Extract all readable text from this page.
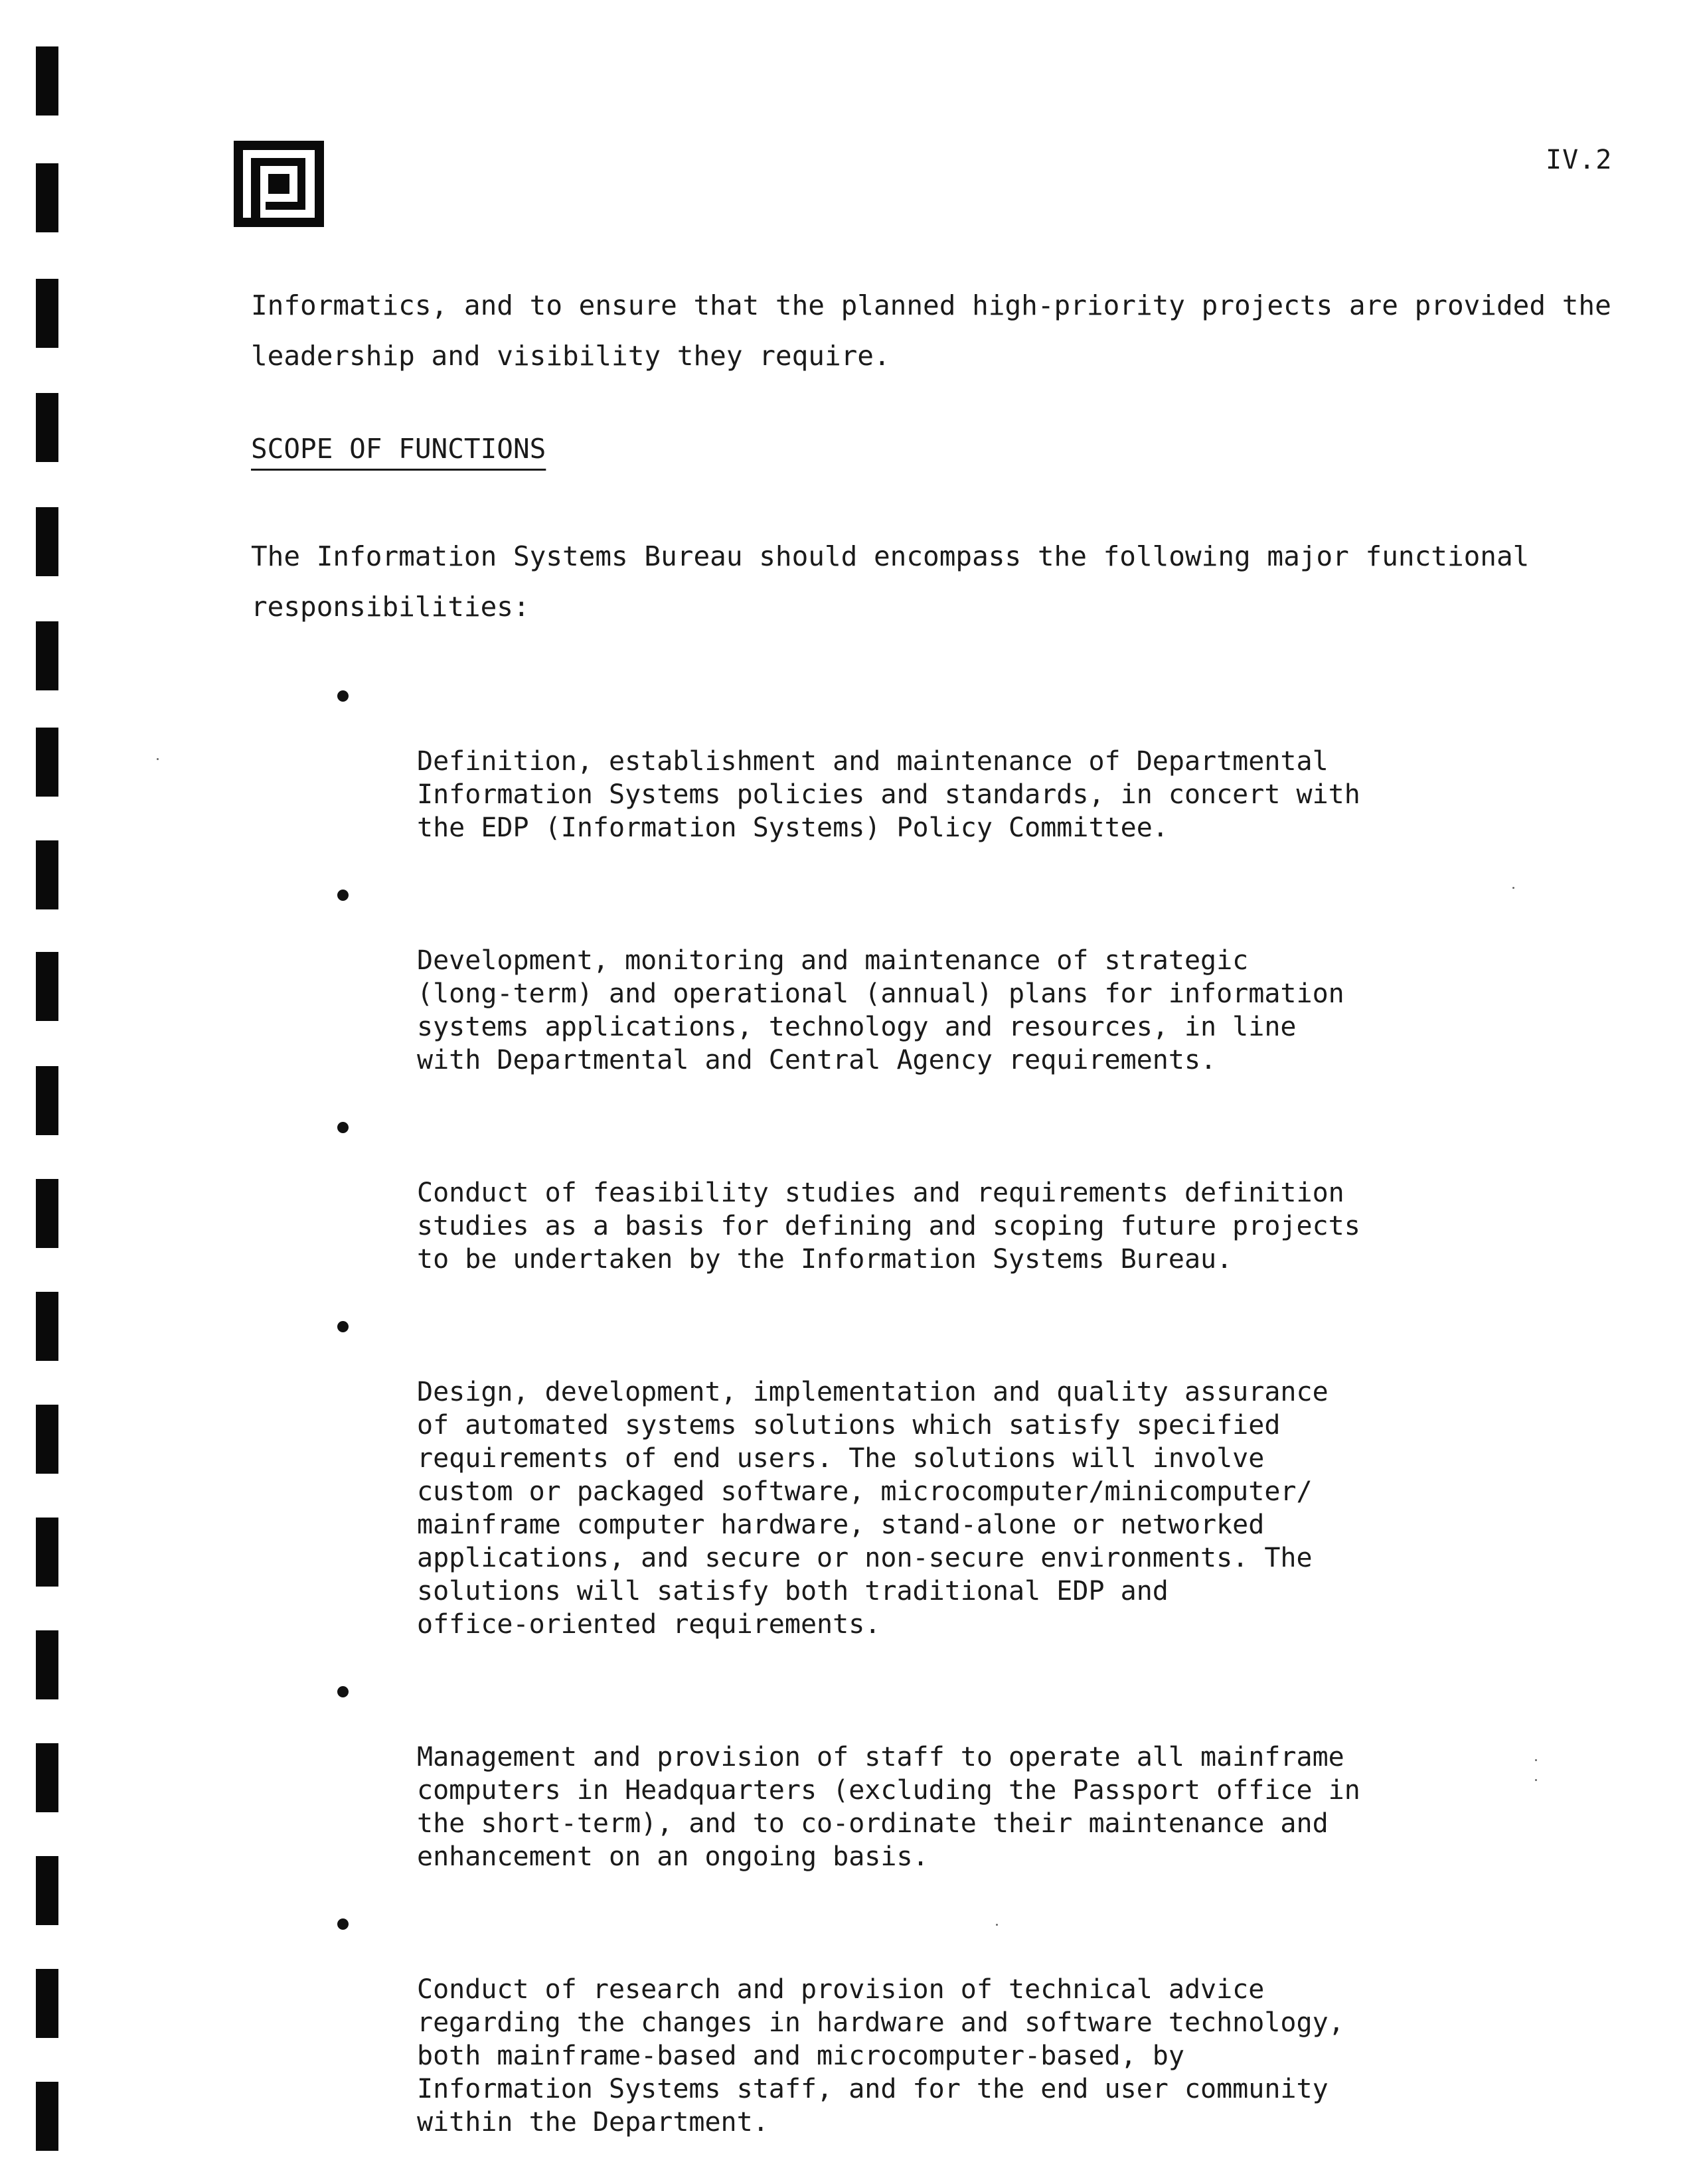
IV.2

Informatics, and to ensure that the planned high-priority projects are provided the leadership and visibility they require.

SCOPE OF FUNCTIONS

The Information Systems Bureau should encompass the following major functional responsibilities:

Definition, establishment and maintenance of Departmental
Information Systems policies and standards, in concert with
the EDP (Information Systems) Policy Committee.

Development, monitoring and maintenance of strategic
(long-term) and operational (annual) plans for information
systems applications, technology and resources, in line
with Departmental and Central Agency requirements.

Conduct of feasibility studies and requirements definition
studies as a basis for defining and scoping future projects
to be undertaken by the Information Systems Bureau.

Design, development, implementation and quality assurance
of automated systems solutions which satisfy specified
requirements of end users. The solutions will involve
custom or packaged software, microcomputer/minicomputer/
mainframe computer hardware, stand-alone or networked
applications, and secure or non-secure environments. The
solutions will satisfy both traditional EDP and
office-oriented requirements.

Management and provision of staff to operate all mainframe
computers in Headquarters (excluding the Passport office in
the short-term), and to co-ordinate their maintenance and
enhancement on an ongoing basis.

Conduct of research and provision of technical advice
regarding the changes in hardware and software technology,
both mainframe-based and microcomputer-based, by
Information Systems staff, and for the end user community
within the Department.
